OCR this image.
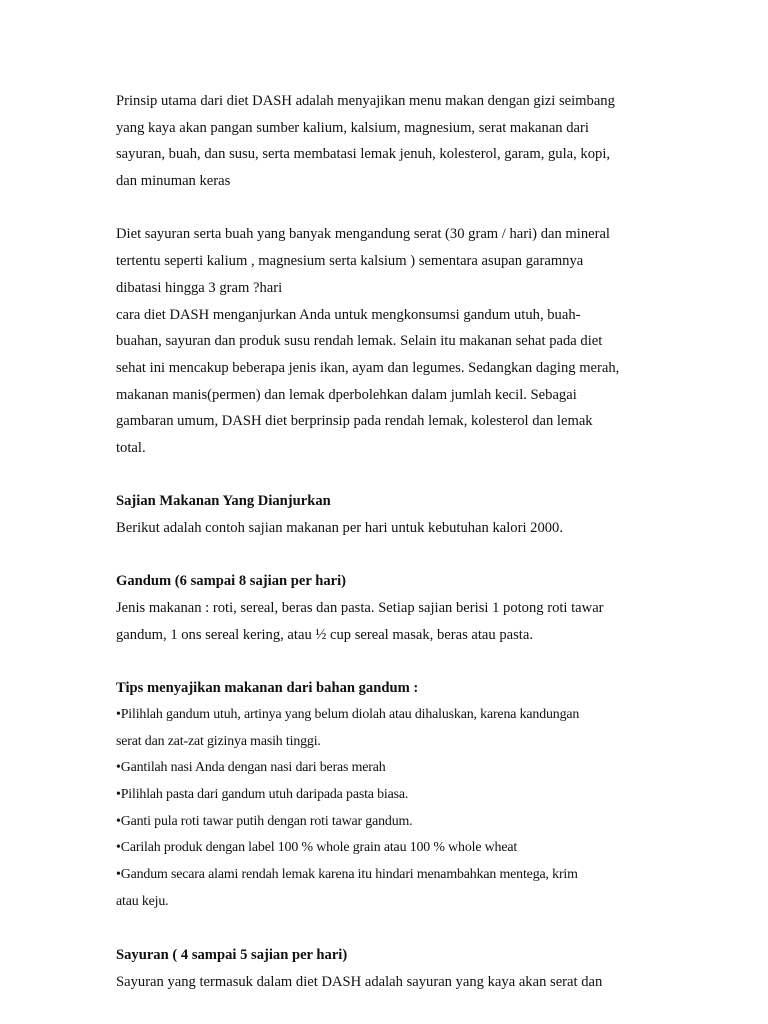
Prinsip utama dari diet DASH adalah menyajikan menu makan dengan gizi seimbang
yang kaya akan pangan sumber kalium, kalsium, magnesium, serat makanan dari
sayuran, buah, dan susu, serta membatasi lemak jenuh, kolesterol, garam, gula, kopi,
dan minuman keras
Diet sayuran serta buah yang banyak mengandung serat (30 gram / hari) dan mineral
tertentu seperti kalium , magnesium serta kalsium ) sementara asupan garamnya
dibatasi hingga 3 gram ?hari
cara diet DASH menganjurkan Anda untuk mengkonsumsi gandum utuh, buah-
buahan, sayuran dan produk susu rendah lemak. Selain itu makanan sehat pada diet
sehat ini mencakup beberapa jenis ikan, ayam dan legumes. Sedangkan daging merah,
makanan manis(permen) dan lemak dperbolehkan dalam jumlah kecil. Sebagai
gambaran umum, DASH diet berprinsip pada rendah lemak, kolesterol dan lemak
total.
Sajian Makanan Yang Dianjurkan
Berikut adalah contoh sajian makanan per hari untuk kebutuhan kalori 2000.
Gandum (6 sampai 8 sajian per hari)
Jenis makanan : roti, sereal, beras dan pasta. Setiap sajian berisi 1 potong roti tawar
gandum, 1 ons sereal kering, atau ½ cup sereal masak, beras atau pasta.
Tips menyajikan makanan dari bahan gandum :
•Pilihlah gandum utuh, artinya yang belum diolah atau dihaluskan, karena kandungan
serat dan zat-zat gizinya masih tinggi.
•Gantilah nasi Anda dengan nasi dari beras merah
•Pilihlah pasta dari gandum utuh daripada pasta biasa.
•Ganti pula roti tawar putih dengan roti tawar gandum.
•Carilah produk dengan label 100 % whole grain atau 100 % whole wheat
•Gandum secara alami rendah lemak karena itu hindari menambahkan mentega, krim
atau keju.
Sayuran ( 4 sampai 5 sajian per hari)
Sayuran yang termasuk dalam diet DASH adalah sayuran yang kaya akan serat dan
